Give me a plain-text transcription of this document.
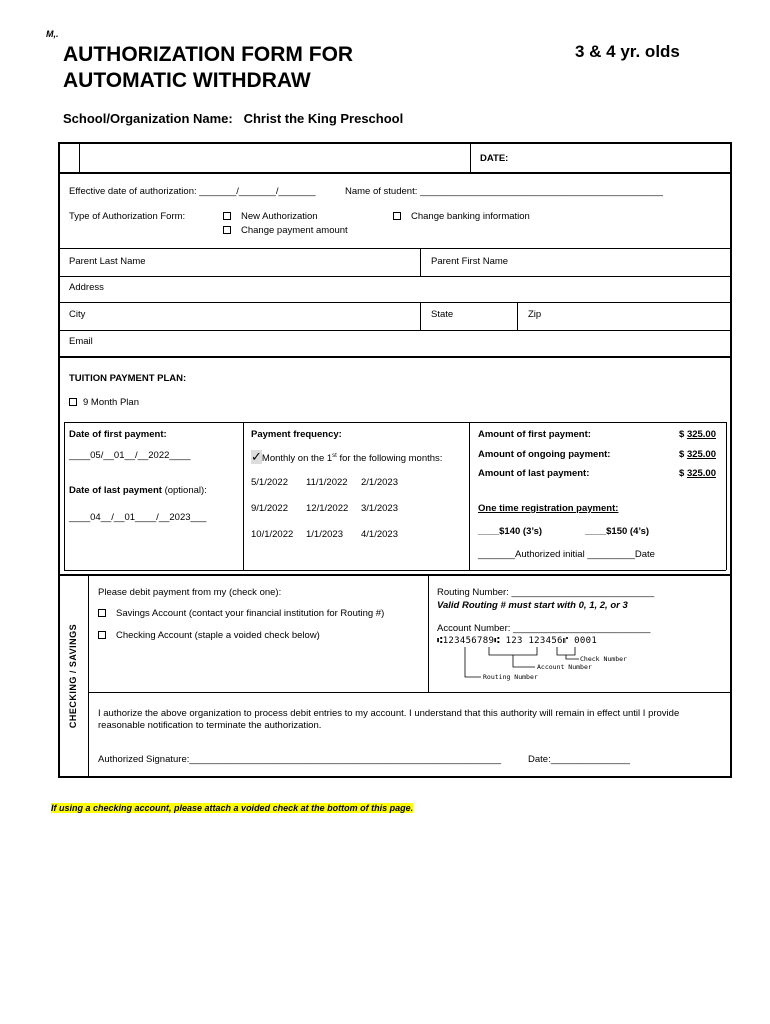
M,.
AUTHORIZATION FORM FOR
AUTOMATIC WITHDRAW
3 & 4 yr. olds
School/Organization Name: Christ the King Preschool
DATE:
Effective date of authorization: _______/_______/_______	Name of student: ______________________________________________
Type of Authorization Form:	New Authorization
Change payment amount
Change banking information
Parent Last Name	Parent First Name
Address
City	State	Zip
Email
TUITION PAYMENT PLAN:
9 Month Plan
Date of first payment:
____05/__01__/__2022____
Date of last payment (optional):
____04__/__01____/__2023___
Payment frequency:
✓Monthly on the 1st for the following months:
5/1/2022 11/1/2022 2/1/2023
9/1/2022 12/1/2022 3/1/2023
10/1/2022 1/1/2023 4/1/2023
Amount of first payment:	$ 325.00
Amount of ongoing payment:	$ 325.00
Amount of last payment:	$ 325.00
One time registration payment:
____$140 (3’s)	____$150 (4’s)
_______Authorized initial _________Date
CHECKING / SAVINGS
Please debit payment from my (check one):
Savings Account (contact your financial institution for Routing #)
Checking Account (staple a voided check below)
Routing Number: ___________________________
Valid Routing # must start with 0, 1, 2, or 3
Account Number: __________________________
⑆123456789⑆ 123 123456⑈ 0001
Check Number
Account Number
Routing Number
I authorize the above organization to process debit entries to my account. I understand that this authority will remain in effect until I provide reasonable notification to terminate the authorization.
Authorized Signature:___________________________________________________________	Date:_______________
If using a checking account, please attach a voided check at the bottom of this page.
